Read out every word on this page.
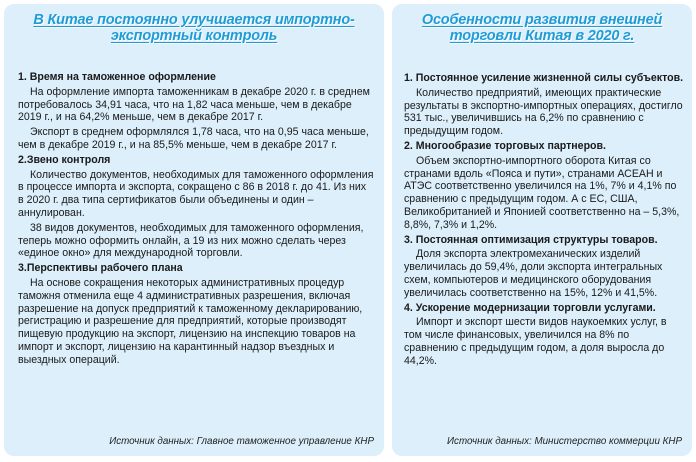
В Китае постоянно улучшается импортно-экспортный контроль
1. Время на таможенное оформление
На оформление импорта таможенникам в декабре 2020 г. в среднем потребовалось 34,91 часа, что на 1,82 часа меньше, чем в декабре 2019 г., и на 64,2% меньше, чем в декабре 2017 г.
Экспорт в среднем оформлялся 1,78 часа, что на 0,95 часа меньше, чем в декабре 2019 г., и на 85,5% меньше, чем в декабре 2017 г.
2.Звено контроля
Количество документов, необходимых для таможенного оформления в процессе импорта и экспорта, сокращено с 86 в 2018 г. до 41. Из них в 2020 г. два типа сертификатов были объединены и один – аннулирован.
38 видов документов, необходимых для таможенного оформления, теперь можно оформить онлайн, а 19 из них можно сделать через «единое окно» для международной торговли.
3.Перспективы рабочего плана
На основе сокращения некоторых административных процедур таможня отменила еще 4 административных разрешения, включая разрешение на допуск предприятий к таможенному декларированию, регистрацию и разрешение для предприятий, которые производят пищевую продукцию на экспорт, лицензию на инспекцию товаров на импорт и экспорт, лицензию на карантинный надзор въездных и выездных операций.
Источник данных: Главное таможенное управление КНР
Особенности развития внешней торговли Китая в 2020 г.
1. Постоянное усиление жизненной силы субъектов.
Количество предприятий, имеющих практические результаты в экспортно-импортных операциях, достигло 531 тыс., увеличившись на 6,2% по сравнению с предыдущим годом.
2. Многообразие торговых партнеров.
Объем экспортно-импортного оборота Китая со странами вдоль «Пояса и пути», странами АСЕАН и АТЭС соответственно увеличился на 1%, 7% и 4,1% по сравнению с предыдущим годом. А с ЕС, США, Великобританией и Японией соответственно на – 5,3%, 8,8%, 7,3% и 1,2%.
3. Постоянная оптимизация структуры товаров.
Доля экспорта электромеханических изделий увеличилась до 59,4%, доли экспорта интегральных схем, компьютеров и медицинского оборудования увеличилась соответственно на 15%, 12% и 41,5%.
4. Ускорение модернизации торговли услугами.
Импорт и экспорт шести видов наукоемких услуг, в том числе финансовых, увеличился на 8% по сравнению с предыдущим годом, а доля выросла до 44,2%.
Источник данных: Министерство коммерции КНР
